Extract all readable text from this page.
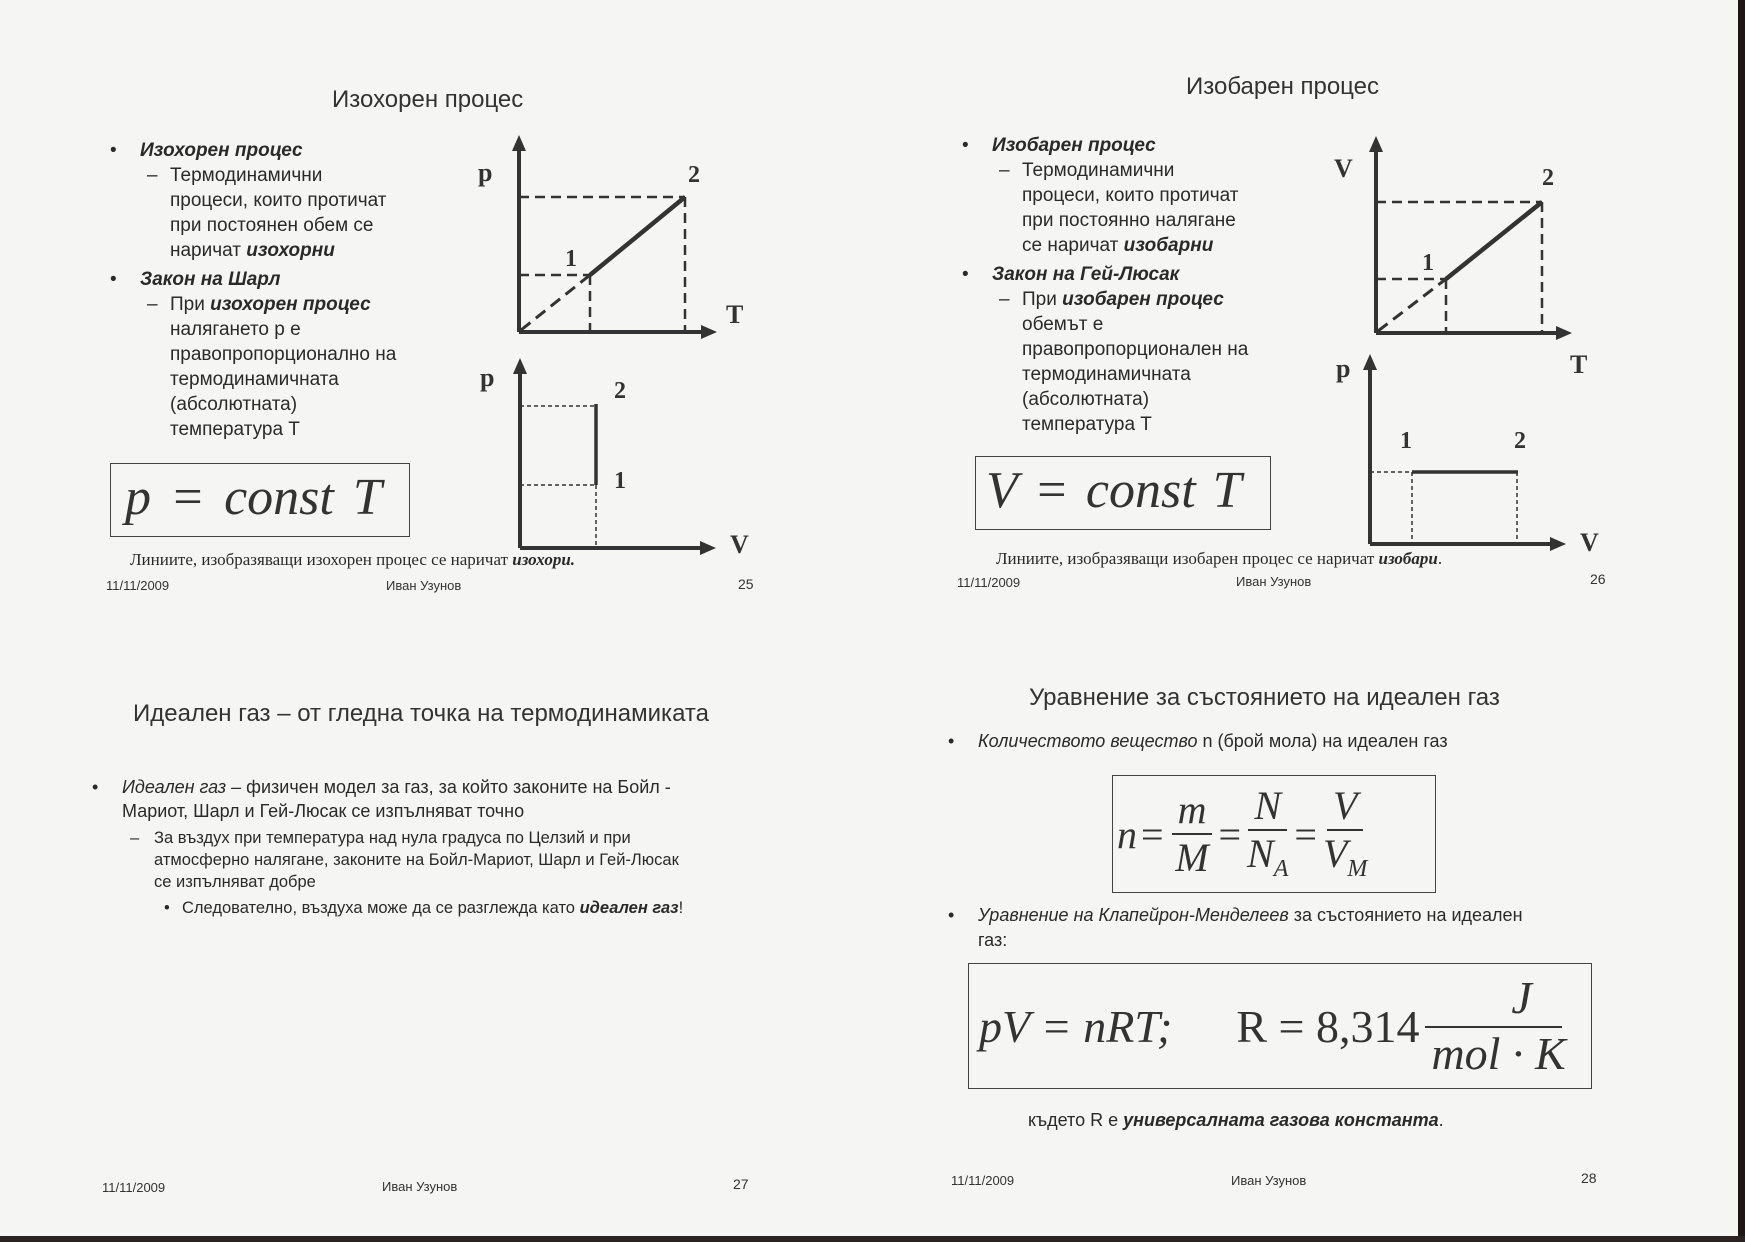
Изохорен процес
• Изохорен процес
– Термодинамични
процеси, които протичат
при постоянен обем се
наричат изохорни
• Закон на Шарл
– При изохорен процес
налягането p е
правопропорционално на
термодинамичната
(абсолютната)
температура T
p = const T
p
T
1
2
p
V
1
2
Линиите, изобразяващи изохорен процес се наричат изохори.
11/11/2009	Иван Узунов	25
Изобарен процес
• Изобарен процес
– Термодинамични
процеси, които протичат
при постоянно налягане
се наричат изобарни
• Закон на Гей-Люсак
– При изобарен процес
обемът е
правопропорционален на
термодинамичната
(абсолютната)
температура T
V = const T
V
T
1
2
p
V
1	2
Линиите, изобразяващи изобарен процес се наричат изобари.
11/11/2009	Иван Узунов	26
Идеален газ – от гледна точка на термодинамиката
• Идеален газ – физичен модел за газ, за който законите на Бойл -
Мариот, Шарл и Гей-Люсак се изпълняват точно
– За въздух при температура над нула градуса по Целзий и при
атмосферно налягане, законите на Бойл-Мариот, Шарл и Гей-Люсак
се изпълняват добре
• Следователно, въздуха може да се разглежда като идеален газ!
11/11/2009	Иван Узунов	27
Уравнение за състоянието на идеален газ
• Количеството вещество n (брой мола) на идеален газ
$n = \frac{m}{M} = \frac{N}{N_A} = \frac{V}{V_M}$
• Уравнение на Клапейрон-Менделеев за състоянието на идеален
газ:
pV = nRT; $R = 8,314 \frac{J}{\text{mol · K}}$
където R е универсалната газова константа.
11/11/2009	Иван Узунов	28
